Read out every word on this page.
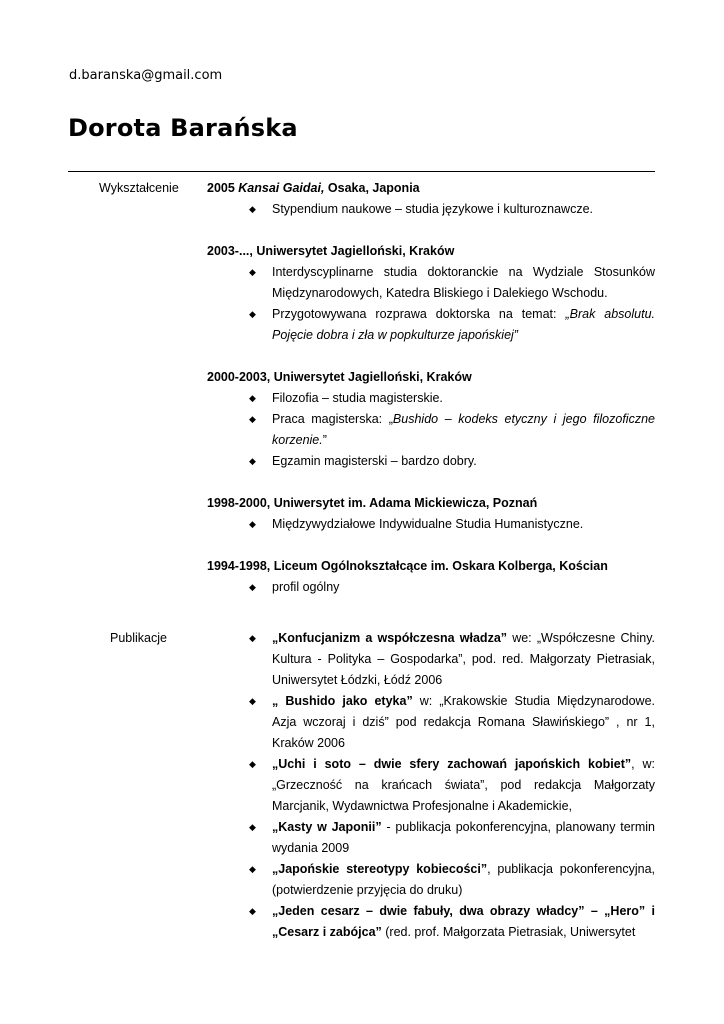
d.baranska@gmail.com
Dorota Barańska
Wykształcenie
Publikacje
2005 Kansai Gaidai, Osaka, Japonia
◆ Stypendium naukowe – studia językowe i kulturoznawcze.
2003-..., Uniwersytet Jagielloński, Kraków
◆ Interdyscyplinarne studia doktoranckie na Wydziale Stosunków Międzynarodowych, Katedra Bliskiego i Dalekiego Wschodu.
◆ Przygotowywana rozprawa doktorska na temat: „Brak absolutu. Pojęcie dobra i zła w popkulturze japońskiej”
2000-2003, Uniwersytet Jagielloński, Kraków
◆ Filozofia – studia magisterskie.
◆ Praca magisterska: „Bushido – kodeks etyczny i jego filozoficzne korzenie.”
◆ Egzamin magisterski – bardzo dobry.
1998-2000, Uniwersytet im. Adama Mickiewicza, Poznań
◆ Międzywydziałowe Indywidualne Studia Humanistyczne.
1994-1998, Liceum Ogólnokształcące im. Oskara Kolberga, Kościan
◆ profil ogólny
◆ „Konfucjanizm a współczesna władza” we: „Współczesne Chiny. Kultura - Polityka – Gospodarka”, pod. red. Małgorzaty Pietrasiak, Uniwersytet Łódzki, Łódź 2006
◆ „ Bushido jako etyka” w: „Krakowskie Studia Międzynarodowe. Azja wczoraj i dziś” pod redakcja Romana Sławińskiego” , nr 1, Kraków 2006
◆ „Uchi i soto – dwie sfery zachowań japońskich kobiet”, w: „Grzeczność na krańcach świata”, pod redakcja Małgorzaty Marcjanik, Wydawnictwa Profesjonalne i Akademickie,
◆ „Kasty w Japonii” - publikacja pokonferencyjna, planowany termin wydania 2009
◆ „Japońskie stereotypy kobiecości”, publikacja pokonferencyjna, (potwierdzenie przyjęcia do druku)
◆ „Jeden cesarz – dwie fabuły, dwa obrazy władcy” – „Hero” i „Cesarz i zabójca” (red. prof. Małgorzata Pietrasiak, Uniwersytet
